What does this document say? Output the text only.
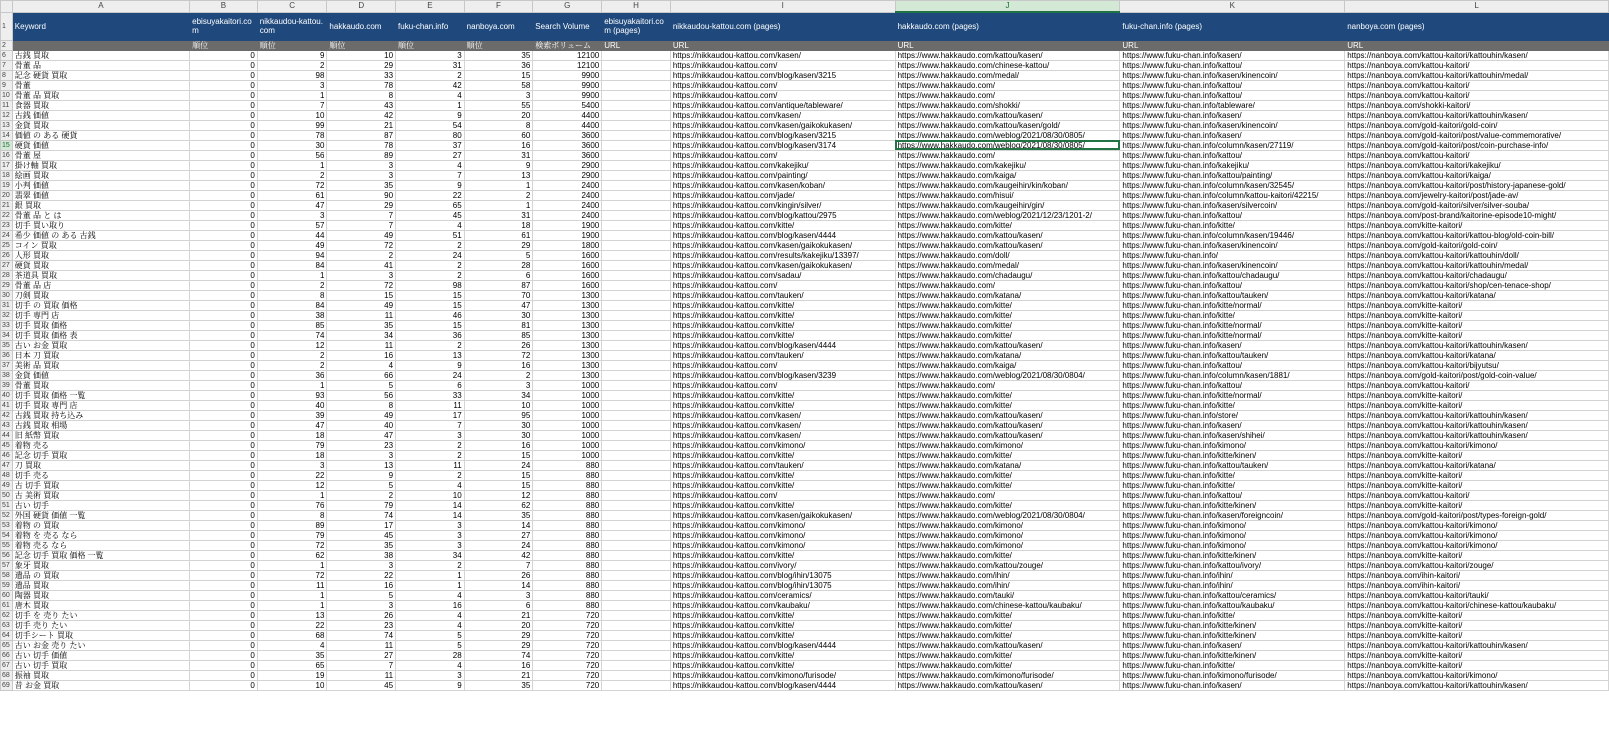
	A	B	C	D	E	F	G	H	I	J	K	L
1	Keyword	ebisuyakaitori.com	nikkaudou-kattou.com	hakkaudo.com	fuku-chan.info	nanboya.com	Search Volume	ebisuyakaitori.com (pages)	nikkaudou-kattou.com (pages)	hakkaudo.com (pages)	fuku-chan.info (pages)	nanboya.com (pages)
2		順位	順位	順位	順位	順位	検索ボリューム	URL	URL	URL	URL	URL
6	古銭 買取	0	9	10	3	35	12100		https://nikkaudou-kattou.com/kasen/	https://www.hakkaudo.com/kattou/kasen/	https://www.fuku-chan.info/kasen/	https://nanboya.com/kattou-kaitori/kattouhin/kasen/
7	骨董 品	0	2	29	31	36	12100		https://nikkaudou-kattou.com/	https://www.hakkaudo.com/chinese-kattou/	https://www.fuku-chan.info/kattou/	https://nanboya.com/kattou-kaitori/
8	記念 硬貨 買取	0	98	33	2	15	9900		https://nikkaudou-kattou.com/blog/kasen/3215	https://www.hakkaudo.com/medal/	https://www.fuku-chan.info/kasen/kinencoin/	https://nanboya.com/kattou-kaitori/kattouhin/medal/
9	骨董	0	3	78	42	58	9900		https://nikkaudou-kattou.com/	https://www.hakkaudo.com/	https://www.fuku-chan.info/kattou/	https://nanboya.com/kattou-kaitori/
10	骨董 品 買取	0	1	8	4	3	9900		https://nikkaudou-kattou.com/	https://www.hakkaudo.com/	https://www.fuku-chan.info/kattou/	https://nanboya.com/kattou-kaitori/
11	食器 買取	0	7	43	1	55	5400		https://nikkaudou-kattou.com/antique/tableware/	https://www.hakkaudo.com/shokki/	https://www.fuku-chan.info/tableware/	https://nanboya.com/shokki-kaitori/
12	古銭 価値	0	10	42	9	20	4400		https://nikkaudou-kattou.com/kasen/	https://www.hakkaudo.com/kattou/kasen/	https://www.fuku-chan.info/kasen/	https://nanboya.com/kattou-kaitori/kattouhin/kasen/
13	金貨 買取	0	99	21	54	8	4400		https://nikkaudou-kattou.com/kasen/gaikokukasen/	https://www.hakkaudo.com/kattou/kasen/gold/	https://www.fuku-chan.info/kasen/kinencoin/	https://nanboya.com/gold-kaitori/gold-coin/
14	価値 の ある 硬貨	0	78	87	80	60	3600		https://nikkaudou-kattou.com/blog/kasen/3215	https://www.hakkaudo.com/weblog/2021/08/30/0805/	https://www.fuku-chan.info/kasen/	https://nanboya.com/gold-kaitori/post/value-commemorative/
15	硬貨 価値	0	30	78	37	16	3600		https://nikkaudou-kattou.com/blog/kasen/3174	https://www.hakkaudo.com/weblog/2021/08/30/0805/	https://www.fuku-chan.info/column/kasen/27119/	https://nanboya.com/gold-kaitori/post/coin-purchase-info/
16	骨董 屋	0	56	89	27	31	3600		https://nikkaudou-kattou.com/	https://www.hakkaudo.com/	https://www.fuku-chan.info/kattou/	https://nanboya.com/kattou-kaitori/
17	掛け軸 買取	0	1	3	4	9	2900		https://nikkaudou-kattou.com/kakejiku/	https://www.hakkaudo.com/kakejiku/	https://www.fuku-chan.info/kakejiku/	https://nanboya.com/kattou-kaitori/kakejiku/
18	絵画 買取	0	2	3	7	13	2900		https://nikkaudou-kattou.com/painting/	https://www.hakkaudo.com/kaiga/	https://www.fuku-chan.info/kattou/painting/	https://nanboya.com/kattou-kaitori/kaiga/
19	小判 価値	0	72	35	9	1	2400		https://nikkaudou-kattou.com/kasen/koban/	https://www.hakkaudo.com/kaugeihin/kin/koban/	https://www.fuku-chan.info/column/kasen/32545/	https://nanboya.com/kattou-kaitori/post/history-japanese-gold/
20	翡翠 価値	0	61	90	22	2	2400		https://nikkaudou-kattou.com/jade/	https://www.hakkaudo.com/hisui/	https://www.fuku-chan.info/column/kattou-kaitori/42215/	https://nanboya.com/jewelry-kaitori/post/jade-av/
21	銀 買取	0	47	29	65	1	2400		https://nikkaudou-kattou.com/kingin/silver/	https://www.hakkaudo.com/kaugeihin/gin/	https://www.fuku-chan.info/kasen/silvercoin/	https://nanboya.com/gold-kaitori/silver/silver-souba/
22	骨董 品 と は	0	3	7	45	31	2400		https://nikkaudou-kattou.com/blog/kattou/2975	https://www.hakkaudo.com/weblog/2021/12/23/1201-2/	https://www.fuku-chan.info/kattou/	https://nanboya.com/post-brand/kaitorine-episode10-might/
23	切手 買い取り	0	57	7	4	18	1900		https://nikkaudou-kattou.com/kitte/	https://www.hakkaudo.com/kitte/	https://www.fuku-chan.info/kitte/	https://nanboya.com/kitte-kaitori/
24	希少 価値 の ある 古銭	0	44	49	51	61	1900		https://nikkaudou-kattou.com/blog/kasen/4444	https://www.hakkaudo.com/kattou/kasen/	https://www.fuku-chan.info/column/kasen/19446/	https://nanboya.com/kattou-kaitori/kattou-blog/old-coin-bill/
25	コイン 買取	0	49	72	2	29	1800		https://nikkaudou-kattou.com/kasen/gaikokukasen/	https://www.hakkaudo.com/kattou/kasen/	https://www.fuku-chan.info/kasen/kinencoin/	https://nanboya.com/gold-kaitori/gold-coin/
26	人形 買取	0	94	2	24	5	1600		https://nikkaudou-kattou.com/results/kakejiku/13397/	https://www.hakkaudo.com/doll/	https://www.fuku-chan.info/	https://nanboya.com/kattou-kaitori/kattouhin/doll/
27	硬貨 買取	0	84	41	2	28	1600		https://nikkaudou-kattou.com/kasen/gaikokukasen/	https://www.hakkaudo.com/medal/	https://www.fuku-chan.info/kasen/kinencoin/	https://nanboya.com/kattou-kaitori/kattouhin/medal/
28	茶道具 買取	0	1	3	2	6	1600		https://nikkaudou-kattou.com/sadau/	https://www.hakkaudo.com/chadaugu/	https://www.fuku-chan.info/kattou/chadaugu/	https://nanboya.com/kattou-kaitori/chadaugu/
29	骨董 品 店	0	2	72	98	87	1600		https://nikkaudou-kattou.com/	https://www.hakkaudo.com/	https://www.fuku-chan.info/kattou/	https://nanboya.com/kattou-kaitori/shop/cen-tenace-shop/
30	刀剣 買取	0	8	15	15	70	1300		https://nikkaudou-kattou.com/tauken/	https://www.hakkaudo.com/katana/	https://www.fuku-chan.info/kattou/tauken/	https://nanboya.com/kattou-kaitori/katana/
31	切手 の 買取 価格	0	84	49	15	47	1300		https://nikkaudou-kattou.com/kitte/	https://www.hakkaudo.com/kitte/	https://www.fuku-chan.info/kitte/normal/	https://nanboya.com/kitte-kaitori/
32	切手 専門 店	0	38	11	46	30	1300		https://nikkaudou-kattou.com/kitte/	https://www.hakkaudo.com/kitte/	https://www.fuku-chan.info/kitte/	https://nanboya.com/kitte-kaitori/
33	切手 買取 価格	0	85	35	15	81	1300		https://nikkaudou-kattou.com/kitte/	https://www.hakkaudo.com/kitte/	https://www.fuku-chan.info/kitte/normal/	https://nanboya.com/kitte-kaitori/
34	切手 買取 価格 表	0	74	34	36	85	1300		https://nikkaudou-kattou.com/kitte/	https://www.hakkaudo.com/kitte/	https://www.fuku-chan.info/kitte/normal/	https://nanboya.com/kitte-kaitori/
35	古い お金 買取	0	12	11	2	26	1300		https://nikkaudou-kattou.com/blog/kasen/4444	https://www.hakkaudo.com/kattou/kasen/	https://www.fuku-chan.info/kasen/	https://nanboya.com/kattou-kaitori/kattouhin/kasen/
36	日本 刀 買取	0	2	16	13	72	1300		https://nikkaudou-kattou.com/tauken/	https://www.hakkaudo.com/katana/	https://www.fuku-chan.info/kattou/tauken/	https://nanboya.com/kattou-kaitori/katana/
37	美術 品 買取	0	2	4	9	16	1300		https://nikkaudou-kattou.com/	https://www.hakkaudo.com/kaiga/	https://www.fuku-chan.info/kattou/	https://nanboya.com/kattou-kaitori/bijyutsu/
38	金貨 価値	0	36	66	24	2	1300		https://nikkaudou-kattou.com/blog/kasen/3239	https://www.hakkaudo.com/weblog/2021/08/30/0804/	https://www.fuku-chan.info/column/kasen/1881/	https://nanboya.com/gold-kaitori/post/gold-coin-value/
39	骨董 買取	0	1	5	6	3	1000		https://nikkaudou-kattou.com/	https://www.hakkaudo.com/	https://www.fuku-chan.info/kattou/	https://nanboya.com/kattou-kaitori/
40	切手 買取 価格 一覧	0	93	56	33	34	1000		https://nikkaudou-kattou.com/kitte/	https://www.hakkaudo.com/kitte/	https://www.fuku-chan.info/kitte/normal/	https://nanboya.com/kitte-kaitori/
41	切手 買取 専門 店	0	40	8	11	10	1000		https://nikkaudou-kattou.com/kitte/	https://www.hakkaudo.com/kitte/	https://www.fuku-chan.info/kitte/	https://nanboya.com/kitte-kaitori/
42	古銭 買取 持ち込み	0	39	49	17	95	1000		https://nikkaudou-kattou.com/kasen/	https://www.hakkaudo.com/kattou/kasen/	https://www.fuku-chan.info/store/	https://nanboya.com/kattou-kaitori/kattouhin/kasen/
43	古銭 買取 相場	0	47	40	7	30	1000		https://nikkaudou-kattou.com/kasen/	https://www.hakkaudo.com/kattou/kasen/	https://www.fuku-chan.info/kasen/	https://nanboya.com/kattou-kaitori/kattouhin/kasen/
44	旧 紙幣 買取	0	18	47	3	30	1000		https://nikkaudou-kattou.com/kasen/	https://www.hakkaudo.com/kattou/kasen/	https://www.fuku-chan.info/kasen/shihei/	https://nanboya.com/kattou-kaitori/kattouhin/kasen/
45	着物 売る	0	79	23	2	16	1000		https://nikkaudou-kattou.com/kimono/	https://www.hakkaudo.com/kimono/	https://www.fuku-chan.info/kimono/	https://nanboya.com/kattou-kaitori/kimono/
46	記念 切手 買取	0	18	3	2	15	1000		https://nikkaudou-kattou.com/kitte/	https://www.hakkaudo.com/kitte/	https://www.fuku-chan.info/kitte/kinen/	https://nanboya.com/kitte-kaitori/
47	刀 買取	0	3	13	11	24	880		https://nikkaudou-kattou.com/tauken/	https://www.hakkaudo.com/katana/	https://www.fuku-chan.info/kattou/tauken/	https://nanboya.com/kattou-kaitori/katana/
48	切手 売る	0	22	9	2	15	880		https://nikkaudou-kattou.com/kitte/	https://www.hakkaudo.com/kitte/	https://www.fuku-chan.info/kitte/	https://nanboya.com/kitte-kaitori/
49	古 切手 買取	0	12	5	4	15	880		https://nikkaudou-kattou.com/kitte/	https://www.hakkaudo.com/kitte/	https://www.fuku-chan.info/kitte/	https://nanboya.com/kitte-kaitori/
50	古 美術 買取	0	1	2	10	12	880		https://nikkaudou-kattou.com/	https://www.hakkaudo.com/	https://www.fuku-chan.info/kattou/	https://nanboya.com/kattou-kaitori/
51	古い 切手	0	76	79	14	62	880		https://nikkaudou-kattou.com/kitte/	https://www.hakkaudo.com/kitte/	https://www.fuku-chan.info/kitte/kinen/	https://nanboya.com/kitte-kaitori/
52	外国 硬貨 価値 一覧	0	8	74	14	35	880		https://nikkaudou-kattou.com/kasen/gaikokukasen/	https://www.hakkaudo.com/weblog/2021/08/30/0804/	https://www.fuku-chan.info/kasen/foreigncoin/	https://nanboya.com/gold-kaitori/post/types-foreign-gold/
53	着物 の 買取	0	89	17	3	14	880		https://nikkaudou-kattou.com/kimono/	https://www.hakkaudo.com/kimono/	https://www.fuku-chan.info/kimono/	https://nanboya.com/kattou-kaitori/kimono/
54	着物 を 売る なら	0	79	45	3	27	880		https://nikkaudou-kattou.com/kimono/	https://www.hakkaudo.com/kimono/	https://www.fuku-chan.info/kimono/	https://nanboya.com/kattou-kaitori/kimono/
55	着物 売る なら	0	72	35	3	24	880		https://nikkaudou-kattou.com/kimono/	https://www.hakkaudo.com/kimono/	https://www.fuku-chan.info/kimono/	https://nanboya.com/kattou-kaitori/kimono/
56	記念 切手 買取 価格 一覧	0	62	38	34	42	880		https://nikkaudou-kattou.com/kitte/	https://www.hakkaudo.com/kitte/	https://www.fuku-chan.info/kitte/kinen/	https://nanboya.com/kitte-kaitori/
57	象牙 買取	0	1	3	2	7	880		https://nikkaudou-kattou.com/ivory/	https://www.hakkaudo.com/kattou/zouge/	https://www.fuku-chan.info/kattou/ivory/	https://nanboya.com/kattou-kaitori/zouge/
58	遺品 の 買取	0	72	22	1	26	880		https://nikkaudou-kattou.com/blog/ihin/13075	https://www.hakkaudo.com/ihin/	https://www.fuku-chan.info/ihin/	https://nanboya.com/ihin-kaitori/
59	遺品 買取	0	11	16	1	14	880		https://nikkaudou-kattou.com/blog/ihin/13075	https://www.hakkaudo.com/ihin/	https://www.fuku-chan.info/ihin/	https://nanboya.com/ihin-kaitori/
60	陶器 買取	0	1	5	4	3	880		https://nikkaudou-kattou.com/ceramics/	https://www.hakkaudo.com/tauki/	https://www.fuku-chan.info/kattou/ceramics/	https://nanboya.com/kattou-kaitori/tauki/
61	唐木 買取	0	1	3	16	6	880		https://nikkaudou-kattou.com/kaubaku/	https://www.hakkaudo.com/chinese-kattou/kaubaku/	https://www.fuku-chan.info/kattou/kaubaku/	https://nanboya.com/kattou-kaitori/chinese-kattou/kaubaku/
62	切手 を 売り たい	0	13	26	4	21	720		https://nikkaudou-kattou.com/kitte/	https://www.hakkaudo.com/kitte/	https://www.fuku-chan.info/kitte/	https://nanboya.com/kitte-kaitori/
63	切手 売り たい	0	22	23	4	20	720		https://nikkaudou-kattou.com/kitte/	https://www.hakkaudo.com/kitte/	https://www.fuku-chan.info/kitte/kinen/	https://nanboya.com/kitte-kaitori/
64	切手シート 買取	0	68	74	5	29	720		https://nikkaudou-kattou.com/kitte/	https://www.hakkaudo.com/kitte/	https://www.fuku-chan.info/kitte/kinen/	https://nanboya.com/kitte-kaitori/
65	古い お金 売り たい	0	4	11	5	29	720		https://nikkaudou-kattou.com/blog/kasen/4444	https://www.hakkaudo.com/kattou/kasen/	https://www.fuku-chan.info/kasen/	https://nanboya.com/kattou-kaitori/kattouhin/kasen/
66	古い 切手 価値	0	35	27	28	74	720		https://nikkaudou-kattou.com/kitte/	https://www.hakkaudo.com/kitte/	https://www.fuku-chan.info/kitte/kinen/	https://nanboya.com/kitte-kaitori/
67	古い 切手 買取	0	65	7	4	16	720		https://nikkaudou-kattou.com/kitte/	https://www.hakkaudo.com/kitte/	https://www.fuku-chan.info/kitte/	https://nanboya.com/kitte-kaitori/
68	振袖 買取	0	19	11	3	21	720		https://nikkaudou-kattou.com/kimono/furisode/	https://www.hakkaudo.com/kimono/furisode/	https://www.fuku-chan.info/kimono/furisode/	https://nanboya.com/kattou-kaitori/kimono/
69	昔 お金 買取	0	10	45	9	35	720		https://nikkaudou-kattou.com/blog/kasen/4444	https://www.hakkaudo.com/kattou/kasen/	https://www.fuku-chan.info/kasen/	https://nanboya.com/kattou-kaitori/kattouhin/kasen/
